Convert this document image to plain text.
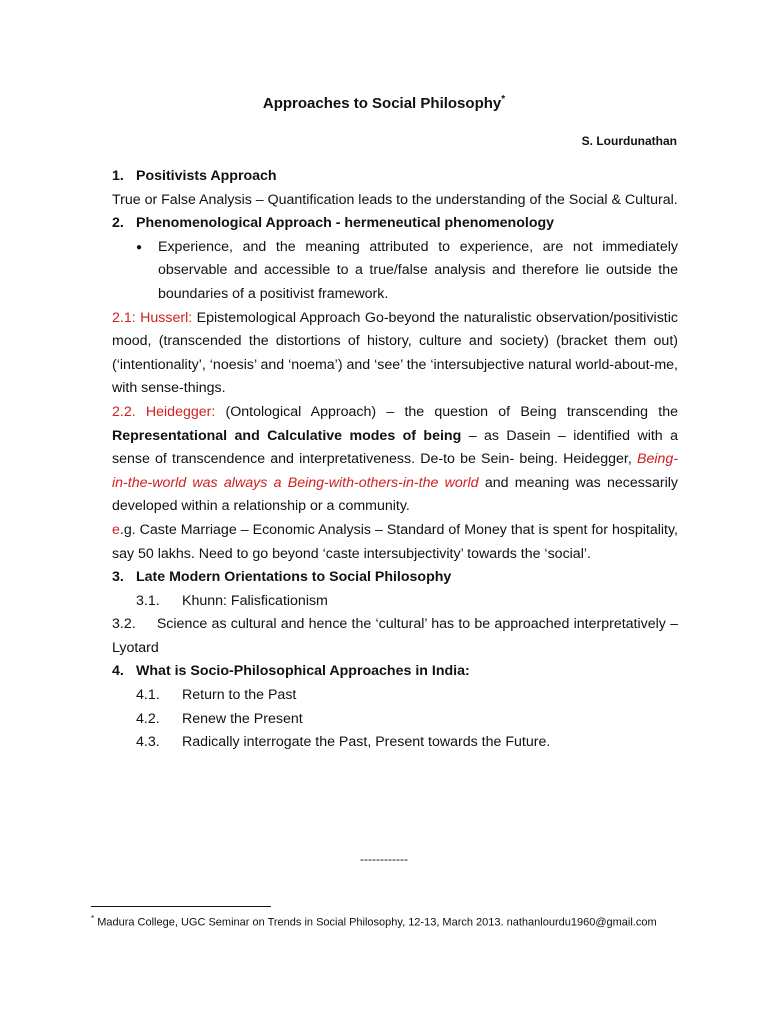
Approaches to Social Philosophy*
S. Lourdunathan
1. Positivists Approach

True or False Analysis – Quantification leads to the understanding of the Social & Cultural.

2. Phenomenological Approach - hermeneutical phenomenology
●	Experience, and the meaning attributed to experience, are not immediately observable and accessible to a true/false analysis and therefore lie outside the boundaries of a positivist framework.

2.1: Husserl: Epistemological Approach Go-beyond the naturalistic observation/positivistic mood, (transcended the distortions of history, culture and society) (bracket them out) (‘intentionality’, ‘noesis’ and ‘noema’) and ‘see’ the ‘intersubjective natural world-about-me, with sense-things.

2.2. Heidegger: (Ontological Approach) – the question of Being transcending the Representational and Calculative modes of being – as Dasein – identified with a sense of transcendence and interpretativeness. De-to be Sein- being. Heidegger, Being-in-the-world was always a Being-with-others-in-the world and meaning was necessarily developed within a relationship or a community.

e.g. Caste Marriage – Economic Analysis – Standard of Money that is spent for hospitality, say 50 lakhs. Need to go beyond ‘caste intersubjectivity’ towards the ‘social’.

3. Late Modern Orientations to Social Philosophy
3.1.	Khunn: Falisficationism

3.2. Science as cultural and hence the ‘cultural’ has to be approached interpretatively – Lyotard

4. What is Socio-Philosophical Approaches in India:
4.1.	Return to the Past
4.2.	Renew the Present
4.3.	Radically interrogate the Past, Present towards the Future.
------------
* Madura College, UGC Seminar on Trends in Social Philosophy, 12-13, March 2013. nathanlourdu1960@gmail.com
